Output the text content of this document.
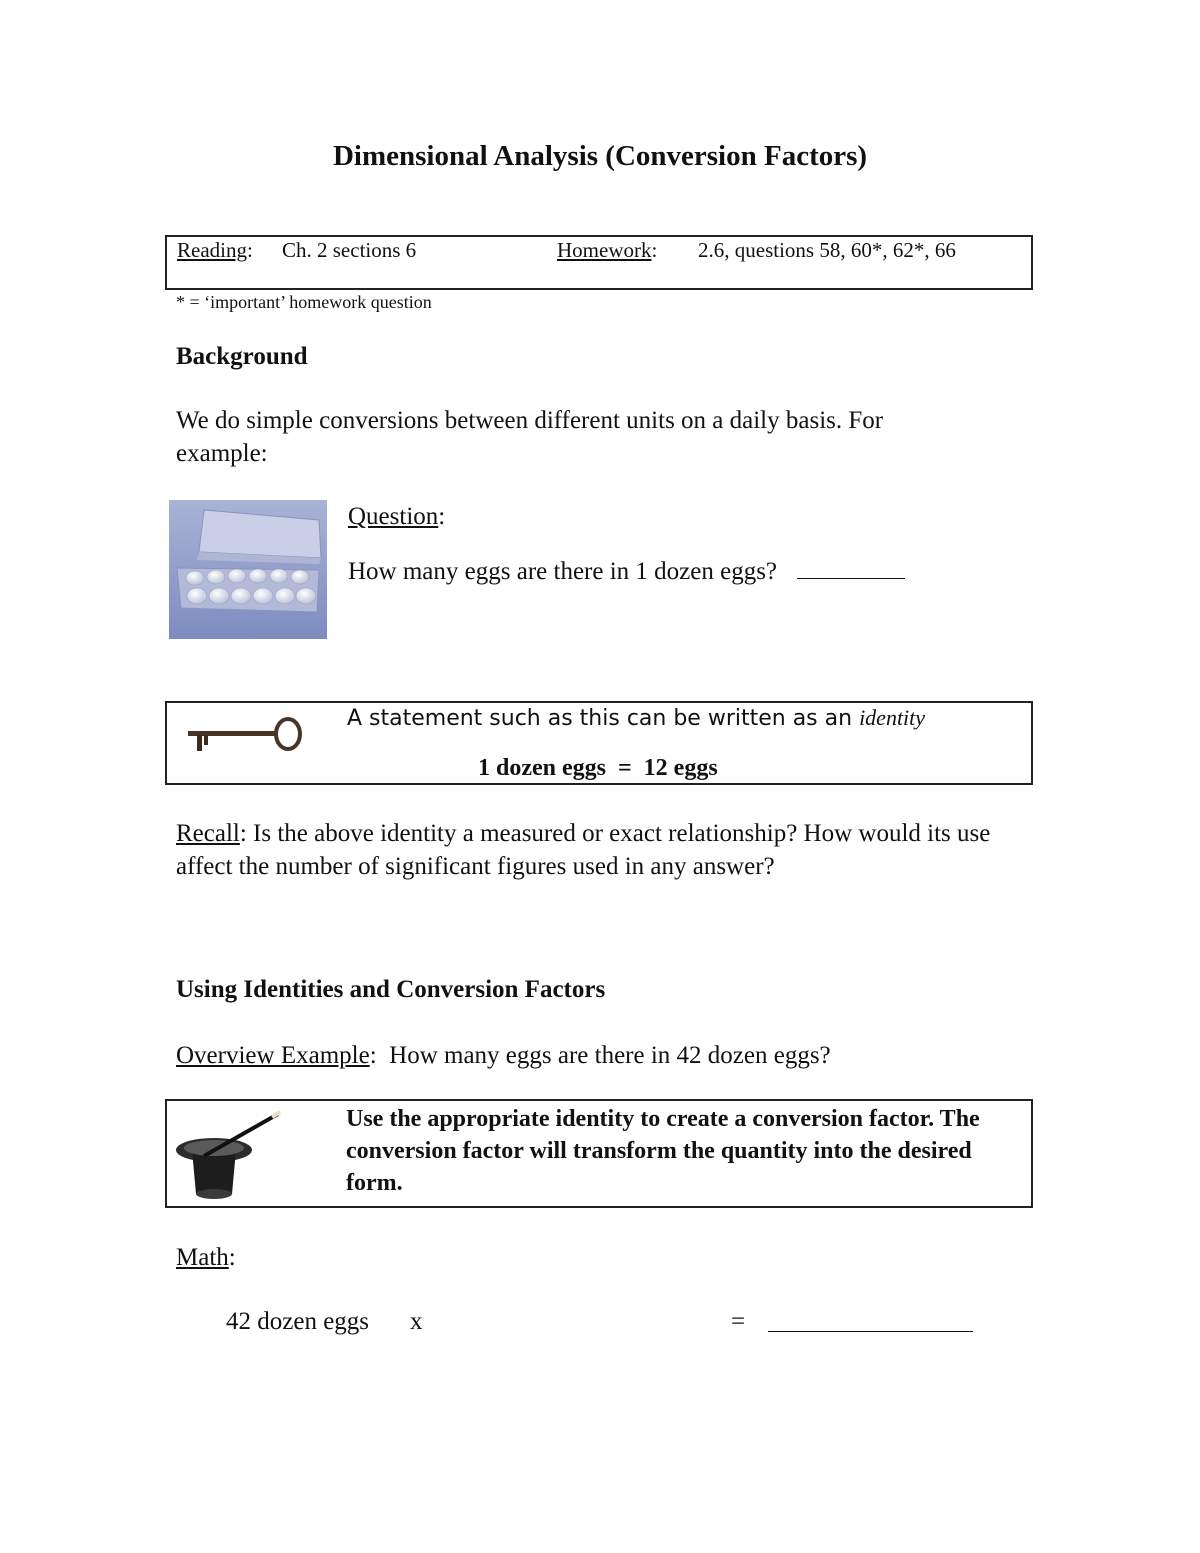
Dimensional Analysis (Conversion Factors)
Reading: Ch. 2 sections 6	Homework: 2.6, questions 58, 60*, 62*, 66
* = ‘important’ homework question
Background
We do simple conversions between different units on a daily basis. For example:
Question:
How many eggs are there in 1 dozen eggs?
A statement such as this can be written as an identity
1 dozen eggs  =  12 eggs
Recall: Is the above identity a measured or exact relationship? How would its use affect the number of significant figures used in any answer?
Using Identities and Conversion Factors
Overview Example:  How many eggs are there in 42 dozen eggs?
Use the appropriate identity to create a conversion factor. The conversion factor will transform the quantity into the desired form.
Math:
42 dozen eggs x	=
